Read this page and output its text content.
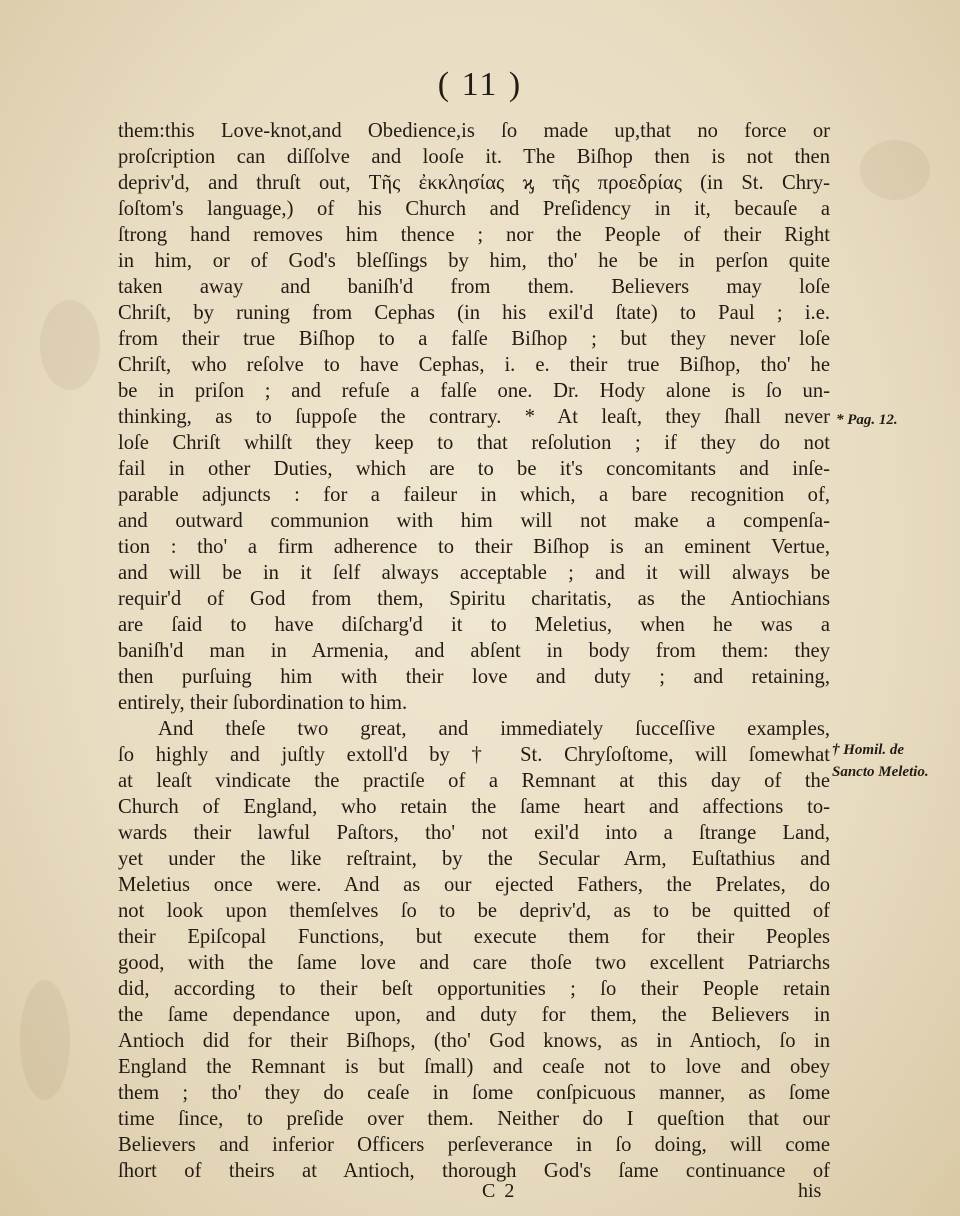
( 11 )
them:this Love-knot,and Obedience,is ſo made up,that no force or
proſcription can diſſolve and looſe it. The Biſhop then is not then
depriv'd, and thruſt out, Τῆς ἐκκλησίας ϗ τῆς προεδρίας (in St. Chry-
ſoſtom's language,) of his Church and Preſidency in it, becauſe a
ſtrong hand removes him thence ; nor the People of their Right
in him, or of God's bleſſings by him, tho' he be in perſon quite
taken away and baniſh'd from them. Believers may loſe
Chriſt, by runing from Cephas (in his exil'd ſtate) to Paul ; i.e.
from their true Biſhop to a falſe Biſhop ; but they never loſe
Chriſt, who reſolve to have Cephas, i. e. their true Biſhop, tho' he
be in priſon ; and refuſe a falſe one. Dr. Hody alone is ſo un-
thinking, as to ſuppoſe the contrary. * At leaſt, they ſhall never
loſe Chriſt whilſt they keep to that reſolution ; if they do not
fail in other Duties, which are to be it's concomitants and inſe-
parable adjuncts : for a faileur in which, a bare recognition of,
and outward communion with him will not make a compenſa-
tion : tho' a firm adherence to their Biſhop is an eminent Vertue,
and will be in it ſelf always acceptable ; and it will always be
requir'd of God from them, Spiritu charitatis, as the Antiochians
are ſaid to have diſcharg'd it to Meletius, when he was a
baniſh'd man in Armenia, and abſent in body from them: they
then purſuing him with their love and duty ; and retaining,
entirely, their ſubordination to him.
And theſe two great, and immediately ſucceſſive examples,
ſo highly and juſtly extoll'd by † St. Chryſoſtome, will ſomewhat
at leaſt vindicate the practiſe of a Remnant at this day of the
Church of England, who retain the ſame heart and affections to-
wards their lawful Paſtors, tho' not exil'd into a ſtrange Land,
yet under the like reſtraint, by the Secular Arm, Euſtathius and
Meletius once were. And as our ejected Fathers, the Prelates, do
not look upon themſelves ſo to be depriv'd, as to be quitted of
their Epiſcopal Functions, but execute them for their Peoples
good, with the ſame love and care thoſe two excellent Patriarchs
did, according to their beſt opportunities ; ſo their People retain
the ſame dependance upon, and duty for them, the Believers in
Antioch did for their Biſhops, (tho' God knows, as in Antioch, ſo in
England the Remnant is but ſmall) and ceaſe not to love and obey
them ; tho' they do ceaſe in ſome conſpicuous manner, as ſome
time ſince, to preſide over them. Neither do I queſtion that our
Believers and inferior Officers perſeverance in ſo doing, will come
ſhort of theirs at Antioch, thorough God's ſame continuance of
* Pag. 12.
† Homil. de
Sancto Meletio.
C 2	his
